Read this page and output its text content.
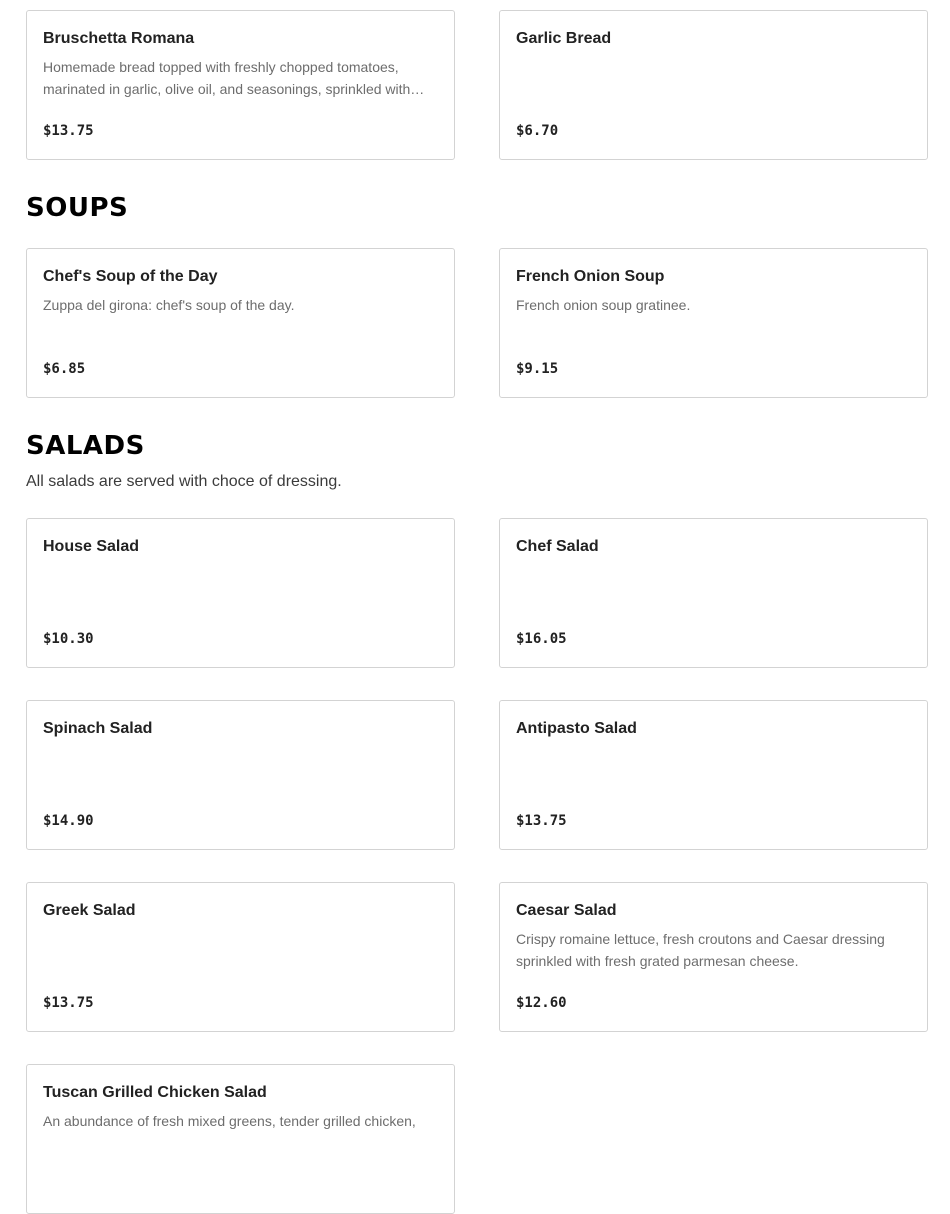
Bruschetta Romana
Homemade bread topped with freshly chopped tomatoes, marinated in garlic, olive oil, and seasonings, sprinkled with…
$13.75
Garlic Bread
$6.70
SOUPS
Chef's Soup of the Day
Zuppa del girona: chef's soup of the day.
$6.85
French Onion Soup
French onion soup gratinee.
$9.15
SALADS

All salads are served with choce of dressing.

House Salad
$10.30
Chef Salad
$16.05
Spinach Salad
$14.90
Antipasto Salad
$13.75
Greek Salad
$13.75
Caesar Salad
Crispy romaine lettuce, fresh croutons and Caesar dressing sprinkled with fresh grated parmesan cheese.
$12.60
Tuscan Grilled Chicken Salad
An abundance of fresh mixed greens, tender grilled chicken,
